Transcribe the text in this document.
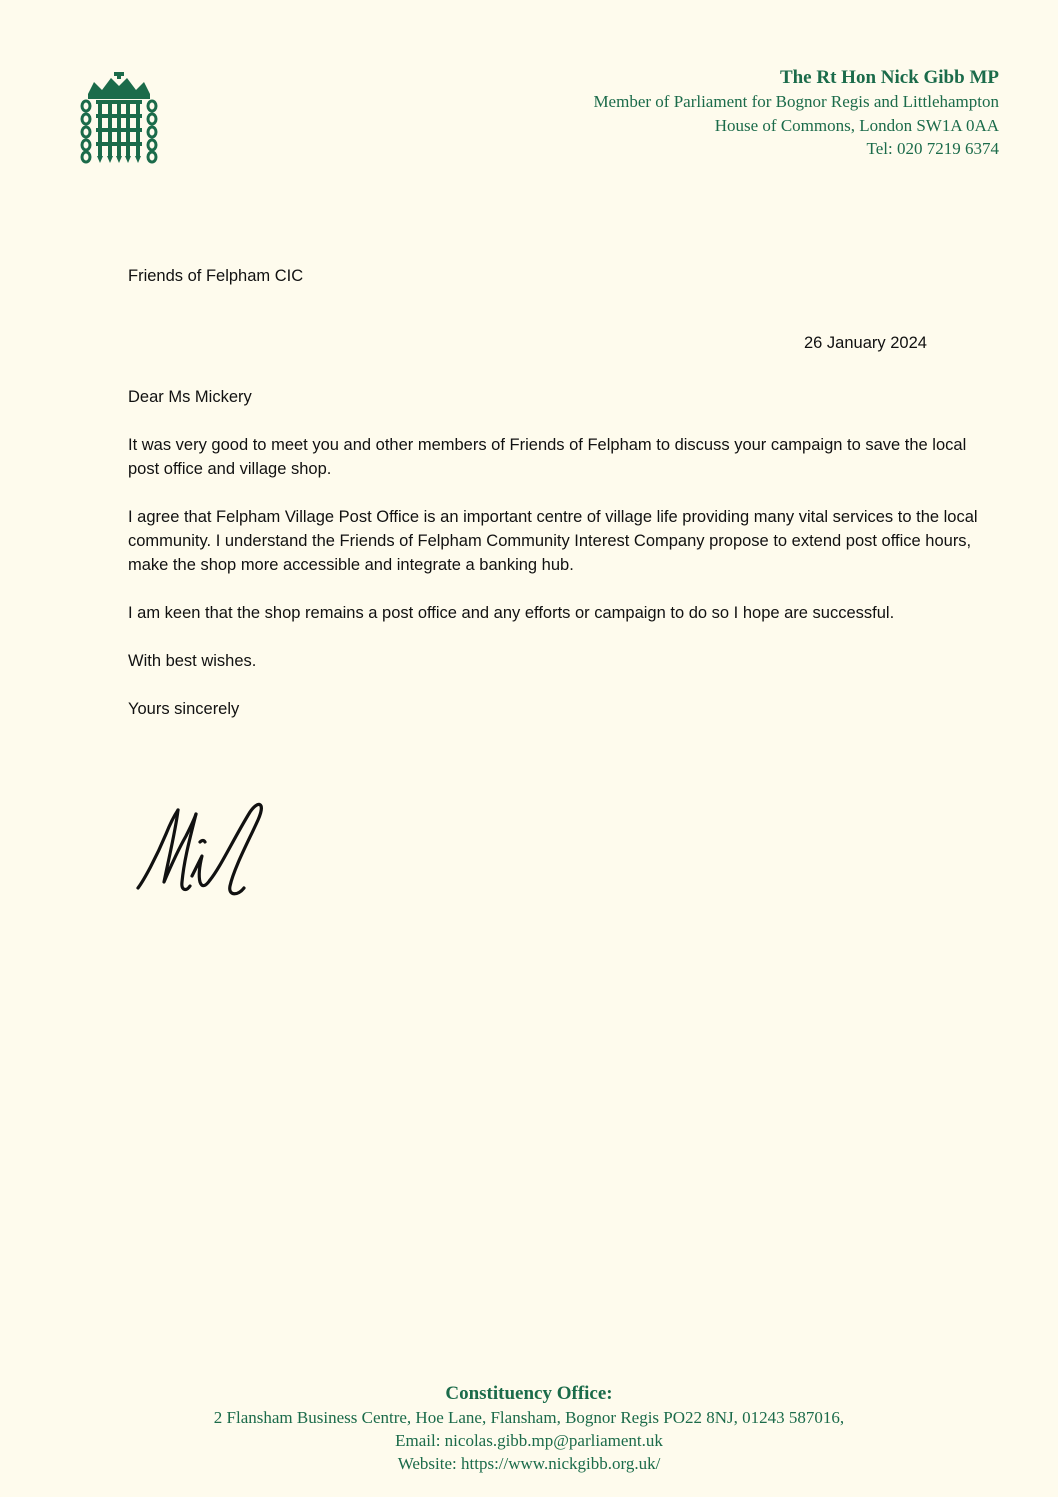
The Rt Hon Nick Gibb MP
Member of Parliament for Bognor Regis and Littlehampton
House of Commons, London SW1A 0AA
Tel: 020 7219 6374
Friends of Felpham CIC
26 January 2024

Dear Ms Mickery

It was very good to meet you and other members of Friends of Felpham to discuss your campaign to save the local post office and village shop.

I agree that Felpham Village Post Office is an important centre of village life providing many vital services to the local community. I understand the Friends of Felpham Community Interest Company propose to extend post office hours, make the shop more accessible and integrate a banking hub.

I am keen that the shop remains a post office and any efforts or campaign to do so I hope are successful.

With best wishes.

Yours sincerely

Constituency Office:
2 Flansham Business Centre, Hoe Lane, Flansham, Bognor Regis PO22 8NJ, 01243 587016,
Email: nicolas.gibb.mp@parliament.uk
Website: https://www.nickgibb.org.uk/
